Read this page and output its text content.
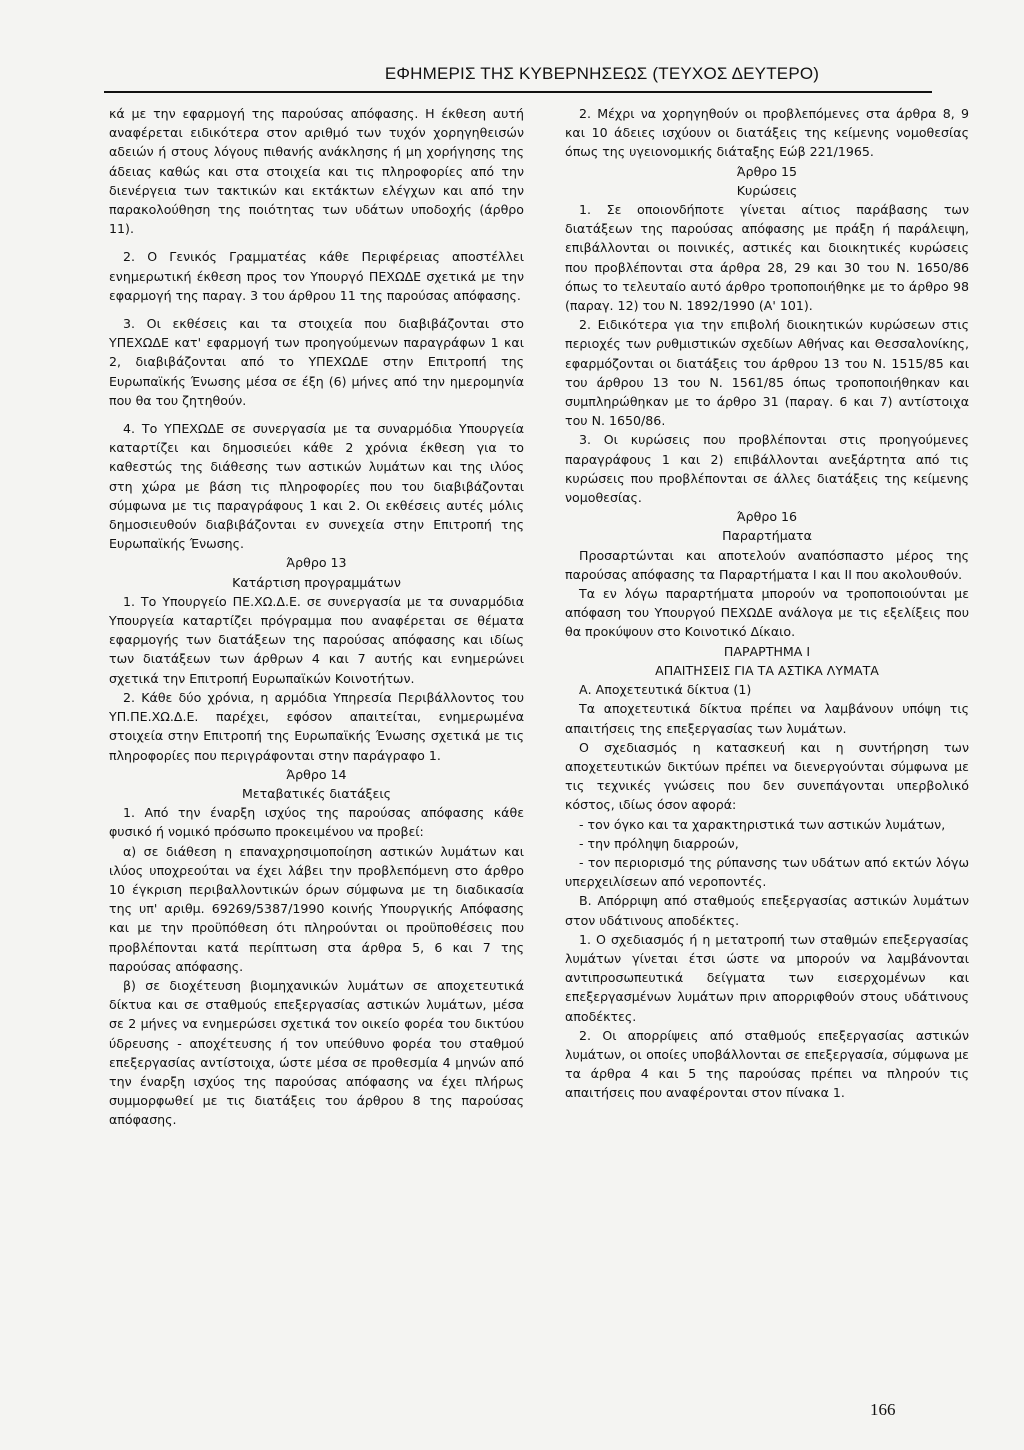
ΕΦΗΜΕΡΙΣ ΤΗΣ ΚΥΒΕΡΝΗΣΕΩΣ (ΤΕΥΧΟΣ ΔΕΥΤΕΡΟ)

κά με την εφαρμογή της παρούσας απόφασης. Η έκθεση αυτή αναφέρεται ειδικότερα στον αριθμό των τυχόν χορηγηθεισών αδειών ή στους λόγους πιθανής ανάκλησης ή μη χορήγησης της άδειας καθώς και στα στοιχεία και τις πληροφορίες από την διενέργεια των τακτικών και εκτάκτων ελέγχων και από την παρακολούθηση της ποιότητας των υδάτων υποδοχής (άρθρο 11).

2. Ο Γενικός Γραμματέας κάθε Περιφέρειας αποστέλλει ενημερωτική έκθεση προς τον Υπουργό ΠΕΧΩΔΕ σχετικά με την εφαρμογή της παραγ. 3 του άρθρου 11 της παρούσας απόφασης.

3. Οι εκθέσεις και τα στοιχεία που διαβιβάζονται στο ΥΠΕΧΩΔΕ κατ' εφαρμογή των προηγούμενων παραγράφων 1 και 2, διαβιβάζονται από το ΥΠΕΧΩΔΕ στην Επιτροπή της Ευρωπαϊκής Ένωσης μέσα σε έξη (6) μήνες από την ημερομηνία που θα του ζητηθούν.

4. Το ΥΠΕΧΩΔΕ σε συνεργασία με τα συναρμόδια Υπουργεία καταρτίζει και δημοσιεύει κάθε 2 χρόνια έκθεση για το καθεστώς της διάθεσης των αστικών λυμάτων και της ιλύος στη χώρα με βάση τις πληροφορίες που του διαβιβάζονται σύμφωνα με τις παραγράφους 1 και 2. Οι εκθέσεις αυτές μόλις δημοσιευθούν διαβιβάζονται εν συνεχεία στην Επιτροπή της Ευρωπαϊκής Ένωσης.

Άρθρο 13

Κατάρτιση προγραμμάτων

1. Το Υπουργείο ΠΕ.ΧΩ.Δ.Ε. σε συνεργασία με τα συναρμόδια Υπουργεία καταρτίζει πρόγραμμα που αναφέρεται σε θέματα εφαρμογής των διατάξεων της παρούσας απόφασης και ιδίως των διατάξεων των άρθρων 4 και 7 αυτής και ενημερώνει σχετικά την Επιτροπή Ευρωπαϊκών Κοινοτήτων.

2. Κάθε δύο χρόνια, η αρμόδια Υπηρεσία Περιβάλλοντος του ΥΠ.ΠΕ.ΧΩ.Δ.Ε. παρέχει, εφόσον απαιτείται, ενημερωμένα στοιχεία στην Επιτροπή της Ευρωπαϊκής Ένωσης σχετικά με τις πληροφορίες που περιγράφονται στην παράγραφο 1.

Άρθρο 14

Μεταβατικές διατάξεις

1. Από την έναρξη ισχύος της παρούσας απόφασης κάθε φυσικό ή νομικό πρόσωπο προκειμένου να προβεί:

α) σε διάθεση η επαναχρησιμοποίηση αστικών λυμάτων και ιλύος υποχρεούται να έχει λάβει την προβλεπόμενη στο άρθρο 10 έγκριση περιβαλλοντικών όρων σύμφωνα με τη διαδικασία της υπ' αριθμ. 69269/5387/1990 κοινής Υπουργικής Απόφασης και με την προϋπόθεση ότι πληρούνται οι προϋποθέσεις που προβλέπονται κατά περίπτωση στα άρθρα 5, 6 και 7 της παρούσας απόφασης.

β) σε διοχέτευση βιομηχανικών λυμάτων σε αποχετευτικά δίκτυα και σε σταθμούς επεξεργασίας αστικών λυμάτων, μέσα σε 2 μήνες να ενημερώσει σχετικά τον οικείο φορέα του δικτύου ύδρευσης - αποχέτευσης ή τον υπεύθυνο φορέα του σταθμού επεξεργασίας αντίστοιχα, ώστε μέσα σε προθεσμία 4 μηνών από την έναρξη ισχύος της παρούσας απόφασης να έχει πλήρως συμμορφωθεί με τις διατάξεις του άρθρου 8 της παρούσας απόφασης.

2. Μέχρι να χορηγηθούν οι προβλεπόμενες στα άρθρα 8, 9 και 10 άδειες ισχύουν οι διατάξεις της κείμενης νομοθεσίας όπως της υγειονομικής διάταξης Εώβ 221/1965.

Άρθρο 15

Κυρώσεις

1. Σε οποιονδήποτε γίνεται αίτιος παράβασης των διατάξεων της παρούσας απόφασης με πράξη ή παράλειψη, επιβάλλονται οι ποινικές, αστικές και διοικητικές κυρώσεις που προβλέπονται στα άρθρα 28, 29 και 30 του Ν. 1650/86 όπως το τελευταίο αυτό άρθρο τροποποιήθηκε με το άρθρο 98 (παραγ. 12) του Ν. 1892/1990 (Α' 101).

2. Ειδικότερα για την επιβολή διοικητικών κυρώσεων στις περιοχές των ρυθμιστικών σχεδίων Αθήνας και Θεσσαλονίκης, εφαρμόζονται οι διατάξεις του άρθρου 13 του Ν. 1515/85 και του άρθρου 13 του Ν. 1561/85 όπως τροποποιήθηκαν και συμπληρώθηκαν με το άρθρο 31 (παραγ. 6 και 7) αντίστοιχα του Ν. 1650/86.

3. Οι κυρώσεις που προβλέπονται στις προηγούμενες παραγράφους 1 και 2) επιβάλλονται ανεξάρτητα από τις κυρώσεις που προβλέπονται σε άλλες διατάξεις της κείμενης νομοθεσίας.

Άρθρο 16

Παραρτήματα

Προσαρτώνται και αποτελούν αναπόσπαστο μέρος της παρούσας απόφασης τα Παραρτήματα I και II που ακολουθούν.

Τα εν λόγω παραρτήματα μπορούν να τροποποιούνται με απόφαση του Υπουργού ΠΕΧΩΔΕ ανάλογα με τις εξελίξεις που θα προκύψουν στο Κοινοτικό Δίκαιο.

ΠΑΡΑΡΤΗΜΑ I

ΑΠΑΙΤΗΣΕΙΣ ΓΙΑ ΤΑ ΑΣΤΙΚΑ ΛΥΜΑΤΑ

Α. Αποχετευτικά δίκτυα (1)

Τα αποχετευτικά δίκτυα πρέπει να λαμβάνουν υπόψη τις απαιτήσεις της επεξεργασίας των λυμάτων.

Ο σχεδιασμός η κατασκευή και η συντήρηση των αποχετευτικών δικτύων πρέπει να διενεργούνται σύμφωνα με τις τεχνικές γνώσεις που δεν συνεπάγονται υπερβολικό κόστος, ιδίως όσον αφορά:

- τον όγκο και τα χαρακτηριστικά των αστικών λυμάτων,

- την πρόληψη διαρροών,

- τον περιορισμό της ρύπανσης των υδάτων από εκτών λόγω υπερχειλίσεων από νεροποντές.

Β. Απόρριψη από σταθμούς επεξεργασίας αστικών λυμάτων στον υδάτινους αποδέκτες.

1. Ο σχεδιασμός ή η μετατροπή των σταθμών επεξεργασίας λυμάτων γίνεται έτσι ώστε να μπορούν να λαμβάνονται αντιπροσωπευτικά δείγματα των εισερχομένων και επεξεργασμένων λυμάτων πριν απορριφθούν στους υδάτινους αποδέκτες.

2. Οι απορρίψεις από σταθμούς επεξεργασίας αστικών λυμάτων, οι οποίες υποβάλλονται σε επεξεργασία, σύμφωνα με τα άρθρα 4 και 5 της παρούσας πρέπει να πληρούν τις απαιτήσεις που αναφέρονται στον πίνακα 1.

166
